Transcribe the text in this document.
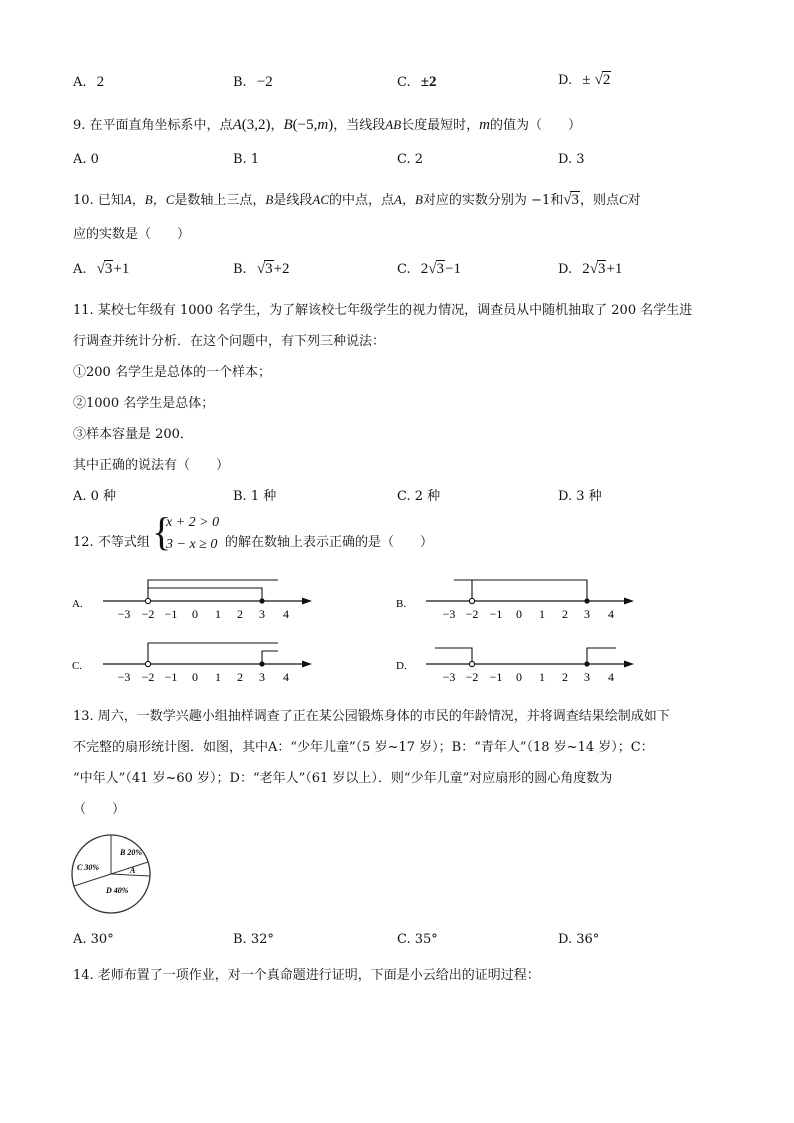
A. 2	B. −2	C. ±2	D. ± √2
9. 在平面直角坐标系中，点A(3,2)，B(−5,m)，当线段AB长度最短时，m的值为（　　）
A. 0	B. 1	C. 2	D. 3
10. 已知A，B，C是数轴上三点，B是线段AC的中点，点A，B对应的实数分别为 −1和√3，则点C对
应的实数是（　　）
A. √3+1	B. √3+2	C. 2√3−1	D. 2√3+1
11. 某校七年级有 1000 名学生，为了解该校七年级学生的视力情况，调查员从中随机抽取了 200 名学生进
行调查并统计分析．在这个问题中，有下列三种说法：
①200 名学生是总体的一个样本；
②1000 名学生是总体；
③样本容量是 200．
其中正确的说法有（　　）
A. 0 种	B. 1 种	C. 2 种	D. 3 种
12. 不等式组 {
x + 2 > 0
3 − x ≥ 0 的解在数轴上表示正确的是（　　）
A.	B.
C.	D.
−3 −2 −1 0 1 2 3 4	−3 −2 −1 0 1 2 3 4
−3 −2 −1 0 1 2 3 4	−3 −2 −1 0 1 2 3 4
13. 周六，一数学兴趣小组抽样调查了正在某公园锻炼身体的市民的年龄情况，并将调查结果绘制成如下
不完整的扇形统计图．如图，其中A：“少年儿童”（5 岁~17 岁）；B：“青年人”（18 岁~14 岁）；C：
“中年人”（41 岁~60 岁）；D：“老年人”（61 岁以上）．则“少年儿童”对应扇形的圆心角度数为
（　　）
B 20%
A
C 30%
D 40%
A. 30°	B. 32°	C. 35°	D. 36°
14. 老师布置了一项作业，对一个真命题进行证明，下面是小云给出的证明过程：
